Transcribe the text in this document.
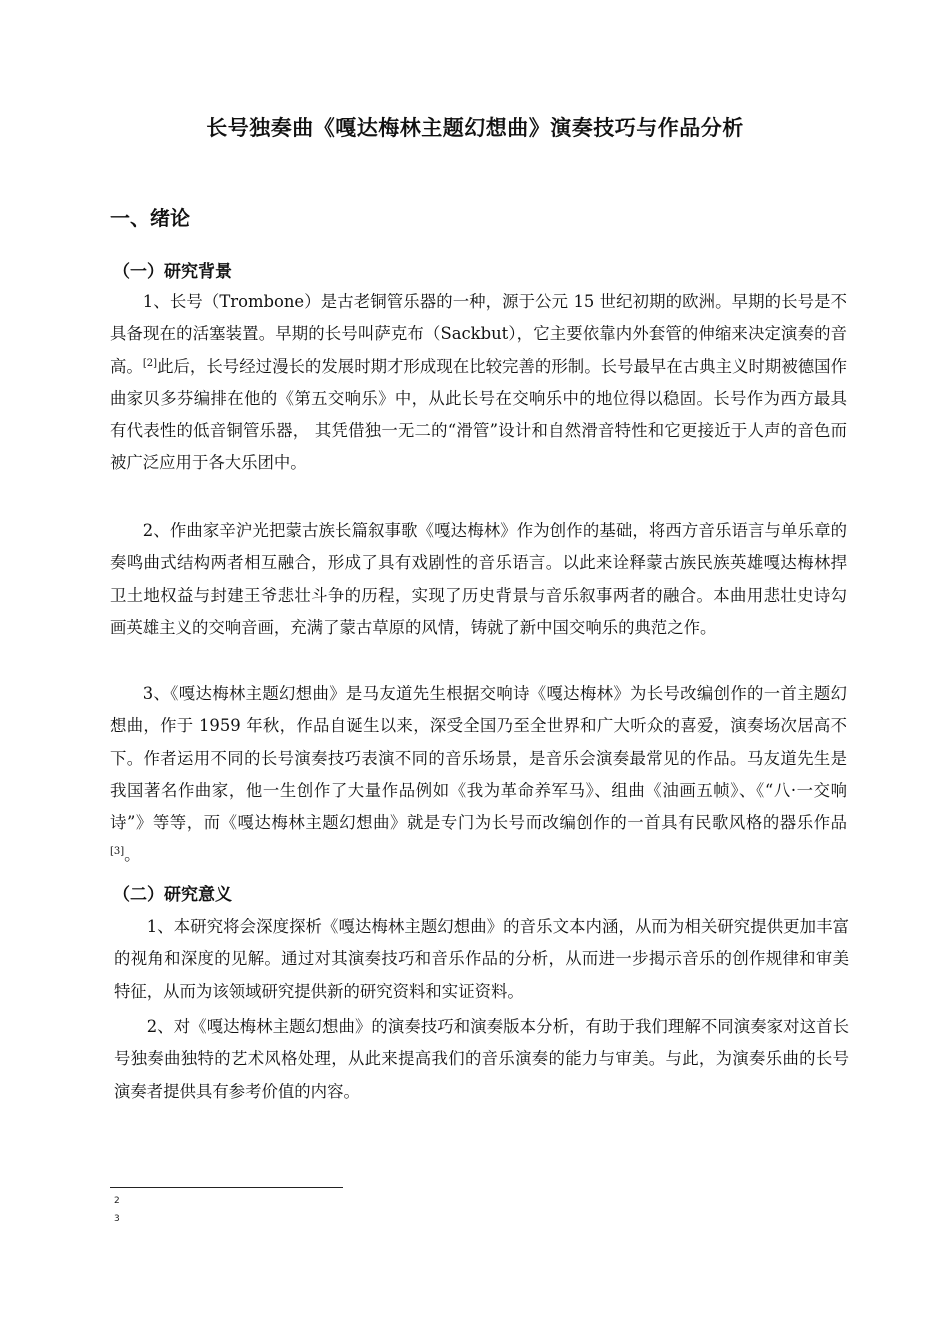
长号独奏曲《嘎达梅林主题幻想曲》演奏技巧与作品分析
一、绪论
（一）研究背景

1、长号（Trombone）是古老铜管乐器的一种，源于公元 15 世纪初期的欧洲。早期的长号是不具备现在的活塞装置。早期的长号叫萨克布（Sackbut），它主要依靠内外套管的伸缩来决定演奏的音高。[2]此后，长号经过漫长的发展时期才形成现在比较完善的形制。长号最早在古典主义时期被德国作曲家贝多芬编排在他的《第五交响乐》中，从此长号在交响乐中的地位得以稳固。长号作为西方最具有代表性的低音铜管乐器， 其凭借独一无二的“滑管”设计和自然滑音特性和它更接近于人声的音色而被广泛应用于各大乐团中。

2、作曲家辛沪光把蒙古族长篇叙事歌《嘎达梅林》作为创作的基础，将西方音乐语言与单乐章的奏鸣曲式结构两者相互融合，形成了具有戏剧性的音乐语言。以此来诠释蒙古族民族英雄嘎达梅林捍卫土地权益与封建王爷悲壮斗争的历程，实现了历史背景与音乐叙事两者的融合。本曲用悲壮史诗勾画英雄主义的交响音画，充满了蒙古草原的风情，铸就了新中国交响乐的典范之作。

3、《嘎达梅林主题幻想曲》是马友道先生根据交响诗《嘎达梅林》为长号改编创作的一首主题幻想曲，作于 1959 年秋，作品自诞生以来，深受全国乃至全世界和广大听众的喜爱，演奏场次居高不下。作者运用不同的长号演奏技巧表演不同的音乐场景，是音乐会演奏最常见的作品。马友道先生是我国著名作曲家，他一生创作了大量作品例如《我为革命养军马》、组曲《油画五帧》、《“八·一交响诗”》等等，而《嘎达梅林主题幻想曲》就是专门为长号而改编创作的一首具有民歌风格的器乐作品[3]。

（二）研究意义

1、本研究将会深度探析《嘎达梅林主题幻想曲》的音乐文本内涵，从而为相关研究提供更加丰富的视角和深度的见解。通过对其演奏技巧和音乐作品的分析，从而进一步揭示音乐的创作规律和审美特征，从而为该领域研究提供新的研究资料和实证资料。

2、对《嘎达梅林主题幻想曲》的演奏技巧和演奏版本分析，有助于我们理解不同演奏家对这首长号独奏曲独特的艺术风格处理，从此来提高我们的音乐演奏的能力与审美。与此，为演奏乐曲的长号演奏者提供具有参考价值的内容。

2
3
